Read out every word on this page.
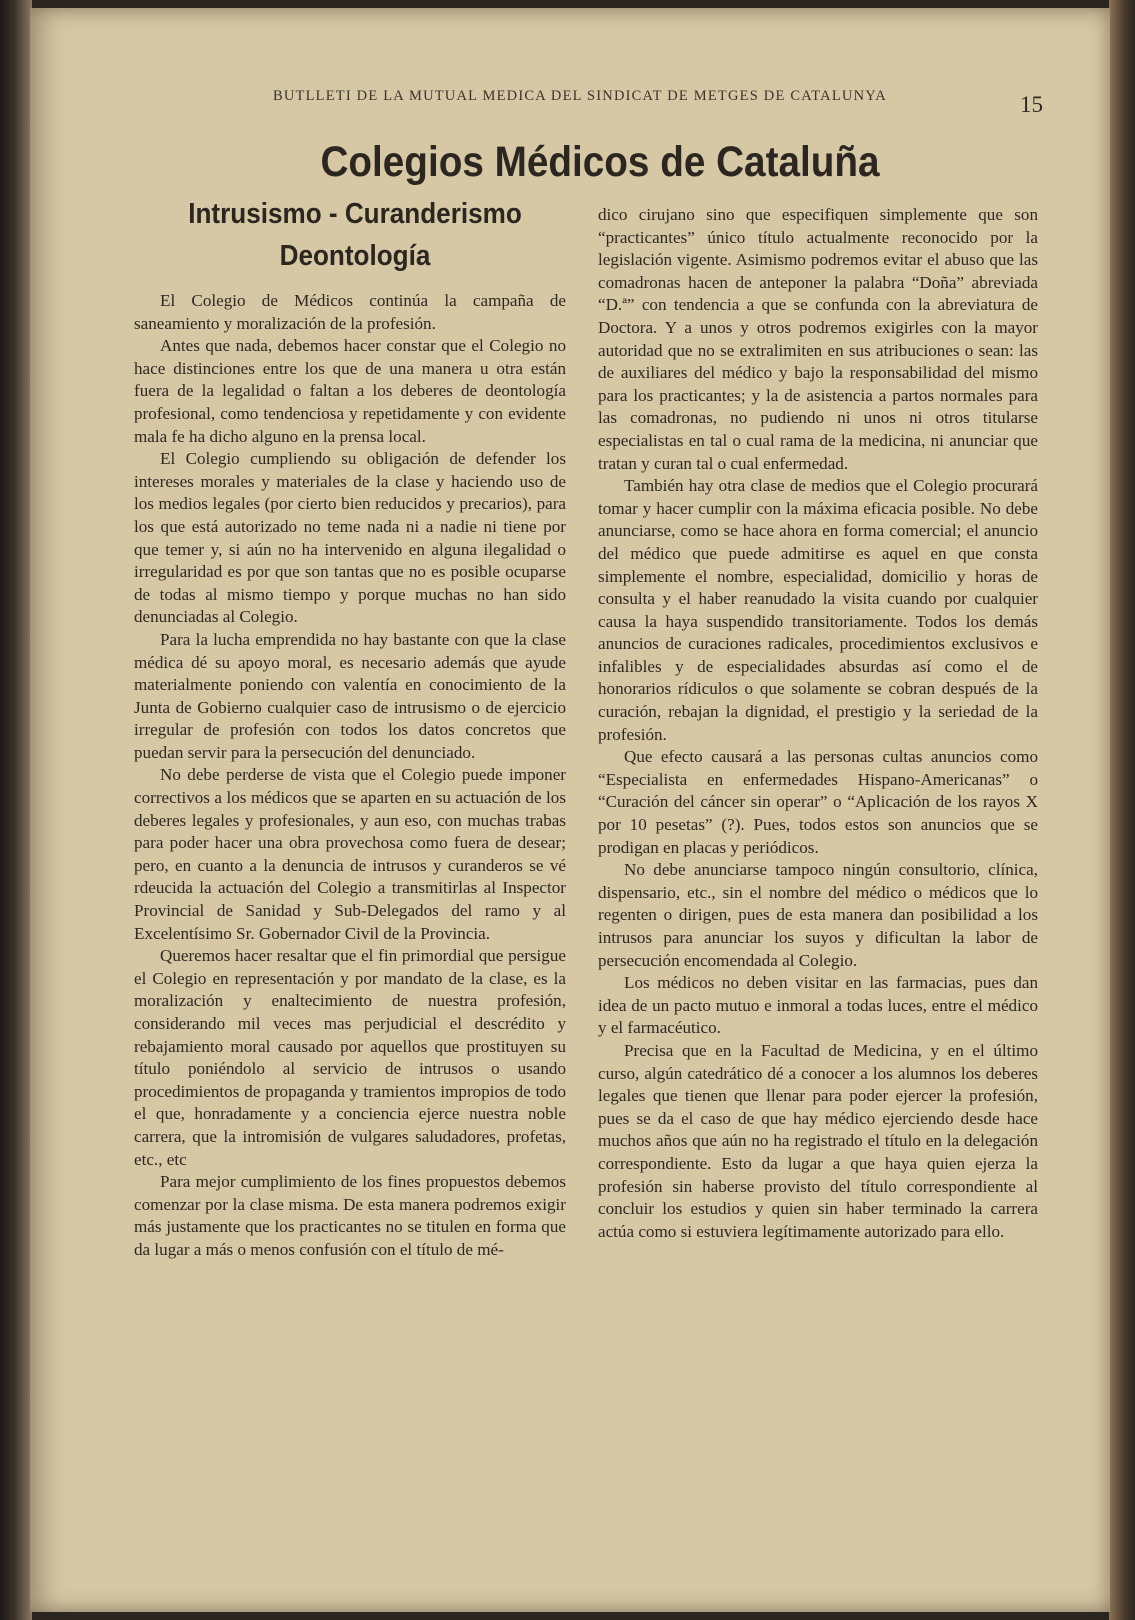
BUTLLETI DE LA MUTUAL MEDICA DEL SINDICAT DE METGES DE CATALUNYA	15
Colegios Médicos de Cataluña
Intrusismo - Curanderismo
Deontología

El Colegio de Médicos continúa la campaña de saneamiento y moralización de la profesión.

Antes que nada, debemos hacer constar que el Colegio no hace distinciones entre los que de una manera u otra están fuera de la legalidad o faltan a los deberes de deontología profesional, como tendenciosa y repetidamente y con evidente mala fe ha dicho alguno en la prensa local.

El Colegio cumpliendo su obligación de defender los intereses morales y materiales de la clase y haciendo uso de los medios legales (por cierto bien reducidos y precarios), para los que está autorizado no teme nada ni a nadie ni tiene por que temer y, si aún no ha intervenido en alguna ilegalidad o irregularidad es por que son tantas que no es posible ocuparse de todas al mismo tiempo y porque muchas no han sido denunciadas al Colegio.

Para la lucha emprendida no hay bastante con que la clase médica dé su apoyo moral, es necesario además que ayude materialmente poniendo con valentía en conocimiento de la Junta de Gobierno cualquier caso de intrusismo o de ejercicio irregular de profesión con todos los datos concretos que puedan servir para la persecución del denunciado.

No debe perderse de vista que el Colegio puede imponer correctivos a los médicos que se aparten en su actuación de los deberes legales y profesionales, y aun eso, con muchas trabas para poder hacer una obra provechosa como fuera de desear; pero, en cuanto a la denuncia de intrusos y curanderos se vé rdeucida la actuación del Colegio a transmitirlas al Inspector Provincial de Sanidad y Sub-Delegados del ramo y al Excelentísimo Sr. Gobernador Civil de la Provincia.

Queremos hacer resaltar que el fin primordial que persigue el Colegio en representación y por mandato de la clase, es la moralización y enaltecimiento de nuestra profesión, considerando mil veces mas perjudicial el descrédito y rebajamiento moral causado por aquellos que prostituyen su título poniéndolo al servicio de intrusos o usando procedimientos de propaganda y tramientos impropios de todo el que, honradamente y a conciencia ejerce nuestra noble carrera, que la intromisión de vulgares saludadores, profetas, etc., etc

Para mejor cumplimiento de los fines propuestos debemos comenzar por la clase misma. De esta manera podremos exigir más justamente que los practicantes no se titulen en forma que da lugar a más o menos confusión con el título de mé-

dico cirujano sino que especifiquen simplemente que son “practicantes” único título actualmente reconocido por la legislación vigente. Asimismo podremos evitar el abuso que las comadronas hacen de anteponer la palabra “Doña” abreviada “D.ª” con tendencia a que se confunda con la abreviatura de Doctora. Y a unos y otros podremos exigirles con la mayor autoridad que no se extralimiten en sus atribuciones o sean: las de auxiliares del médico y bajo la responsabilidad del mismo para los practicantes; y la de asistencia a partos normales para las comadronas, no pudiendo ni unos ni otros titularse especialistas en tal o cual rama de la medicina, ni anunciar que tratan y curan tal o cual enfermedad.

También hay otra clase de medios que el Colegio procurará tomar y hacer cumplir con la máxima eficacia posible. No debe anunciarse, como se hace ahora en forma comercial; el anuncio del médico que puede admitirse es aquel en que consta simplemente el nombre, especialidad, domicilio y horas de consulta y el haber reanudado la visita cuando por cualquier causa la haya suspendido transitoriamente. Todos los demás anuncios de curaciones radicales, procedimientos exclusivos e infalibles y de especialidades absurdas así como el de honorarios rídiculos o que solamente se cobran después de la curación, rebajan la dignidad, el prestigio y la seriedad de la profesión.

Que efecto causará a las personas cultas anuncios como “Especialista en enfermedades Hispano-Americanas” o “Curación del cáncer sin operar” o “Aplicación de los rayos X por 10 pesetas” (?). Pues, todos estos son anuncios que se prodigan en placas y periódicos.

No debe anunciarse tampoco ningún consultorio, clínica, dispensario, etc., sin el nombre del médico o médicos que lo regenten o dirigen, pues de esta manera dan posibilidad a los intrusos para anunciar los suyos y dificultan la labor de persecución encomendada al Colegio.

Los médicos no deben visitar en las farmacias, pues dan idea de un pacto mutuo e inmoral a todas luces, entre el médico y el farmacéutico.

Precisa que en la Facultad de Medicina, y en el último curso, algún catedrático dé a conocer a los alumnos los deberes legales que tienen que llenar para poder ejercer la profesión, pues se da el caso de que hay médico ejerciendo desde hace muchos años que aún no ha registrado el título en la delegación correspondiente. Esto da lugar a que haya quien ejerza la profesión sin haberse provisto del título correspondiente al concluir los estudios y quien sin haber terminado la carrera actúa como si estuviera legítimamente autorizado para ello.
